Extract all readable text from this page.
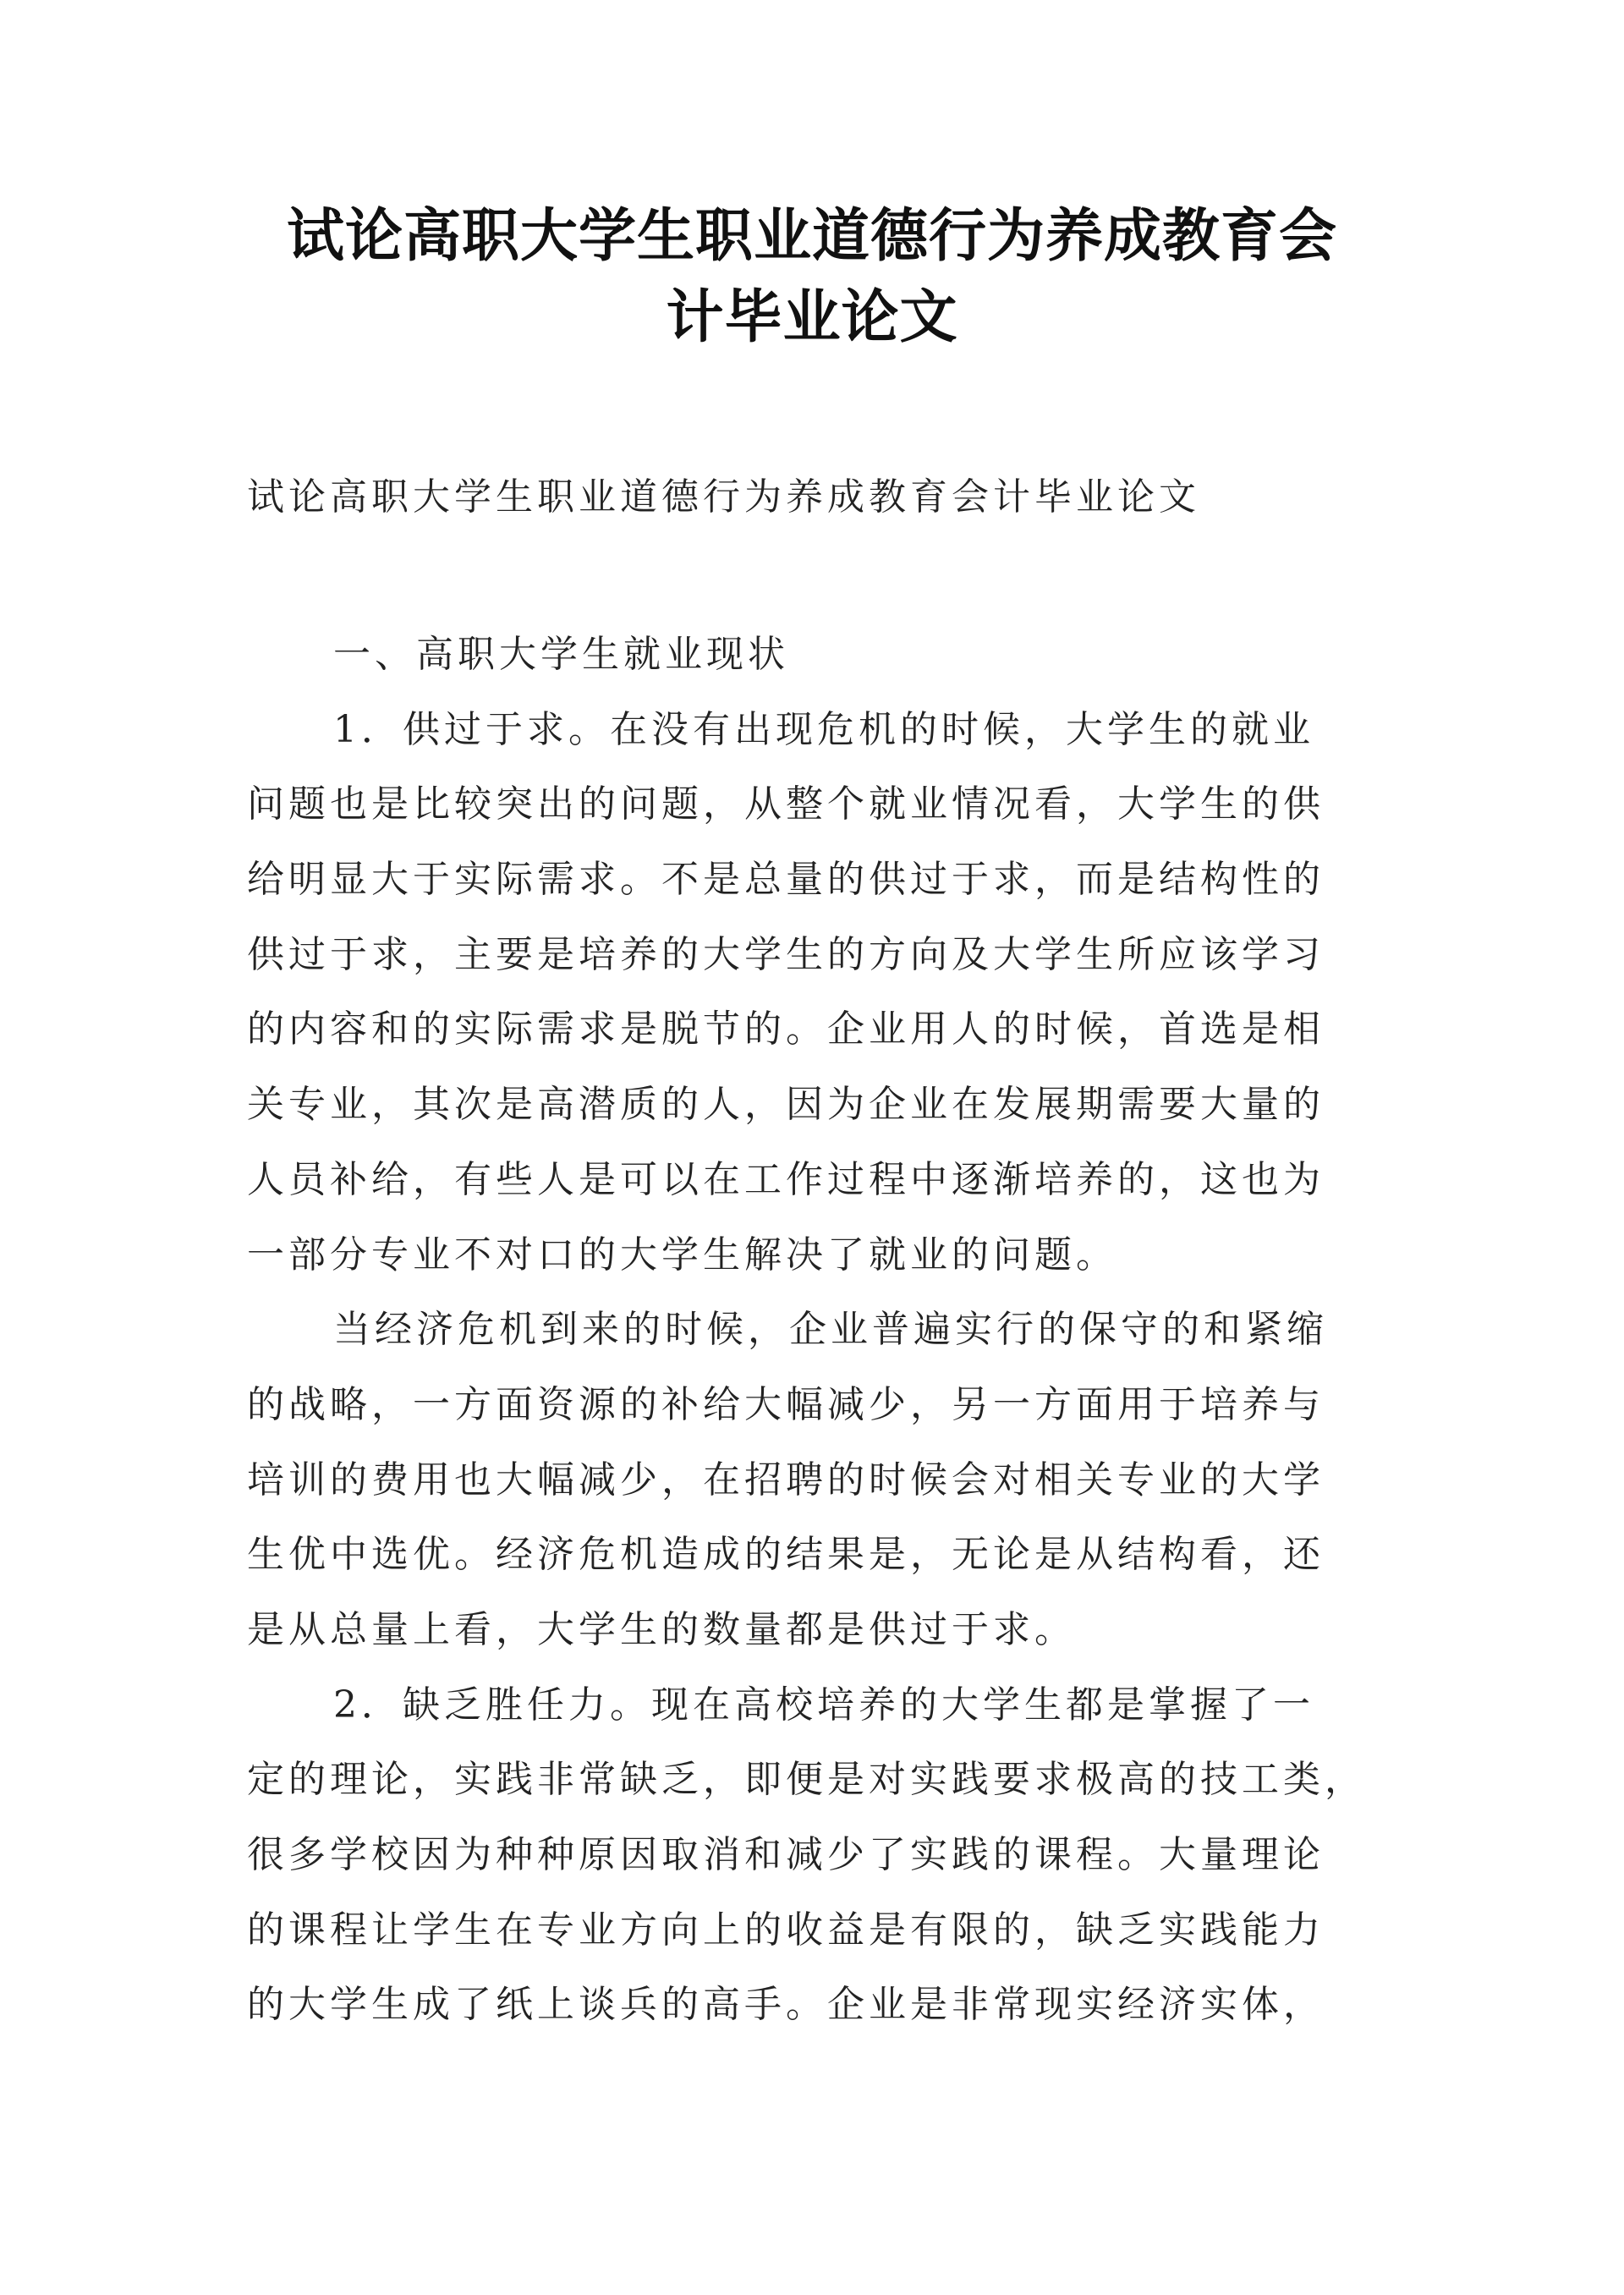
试论高职大学生职业道德行为养成教育会
计毕业论文
试论高职大学生职业道德行为养成教育会计毕业论文
一、高职大学生就业现状
1．供过于求。在没有出现危机的时候，大学生的就业
问题也是比较突出的问题，从整个就业情况看，大学生的供
给明显大于实际需求。不是总量的供过于求，而是结构性的
供过于求，主要是培养的大学生的方向及大学生所应该学习
的内容和的实际需求是脱节的。企业用人的时候，首选是相
关专业，其次是高潜质的人，因为企业在发展期需要大量的
人员补给，有些人是可以在工作过程中逐渐培养的，这也为
一部分专业不对口的大学生解决了就业的问题。
当经济危机到来的时候，企业普遍实行的保守的和紧缩
的战略，一方面资源的补给大幅减少，另一方面用于培养与
培训的费用也大幅减少，在招聘的时候会对相关专业的大学
生优中选优。经济危机造成的结果是，无论是从结构看，还
是从总量上看，大学生的数量都是供过于求。
2．缺乏胜任力。现在高校培养的大学生都是掌握了一
定的理论，实践非常缺乏，即便是对实践要求极高的技工类，
很多学校因为种种原因取消和减少了实践的课程。大量理论
的课程让学生在专业方向上的收益是有限的，缺乏实践能力
的大学生成了纸上谈兵的高手。企业是非常现实经济实体，
